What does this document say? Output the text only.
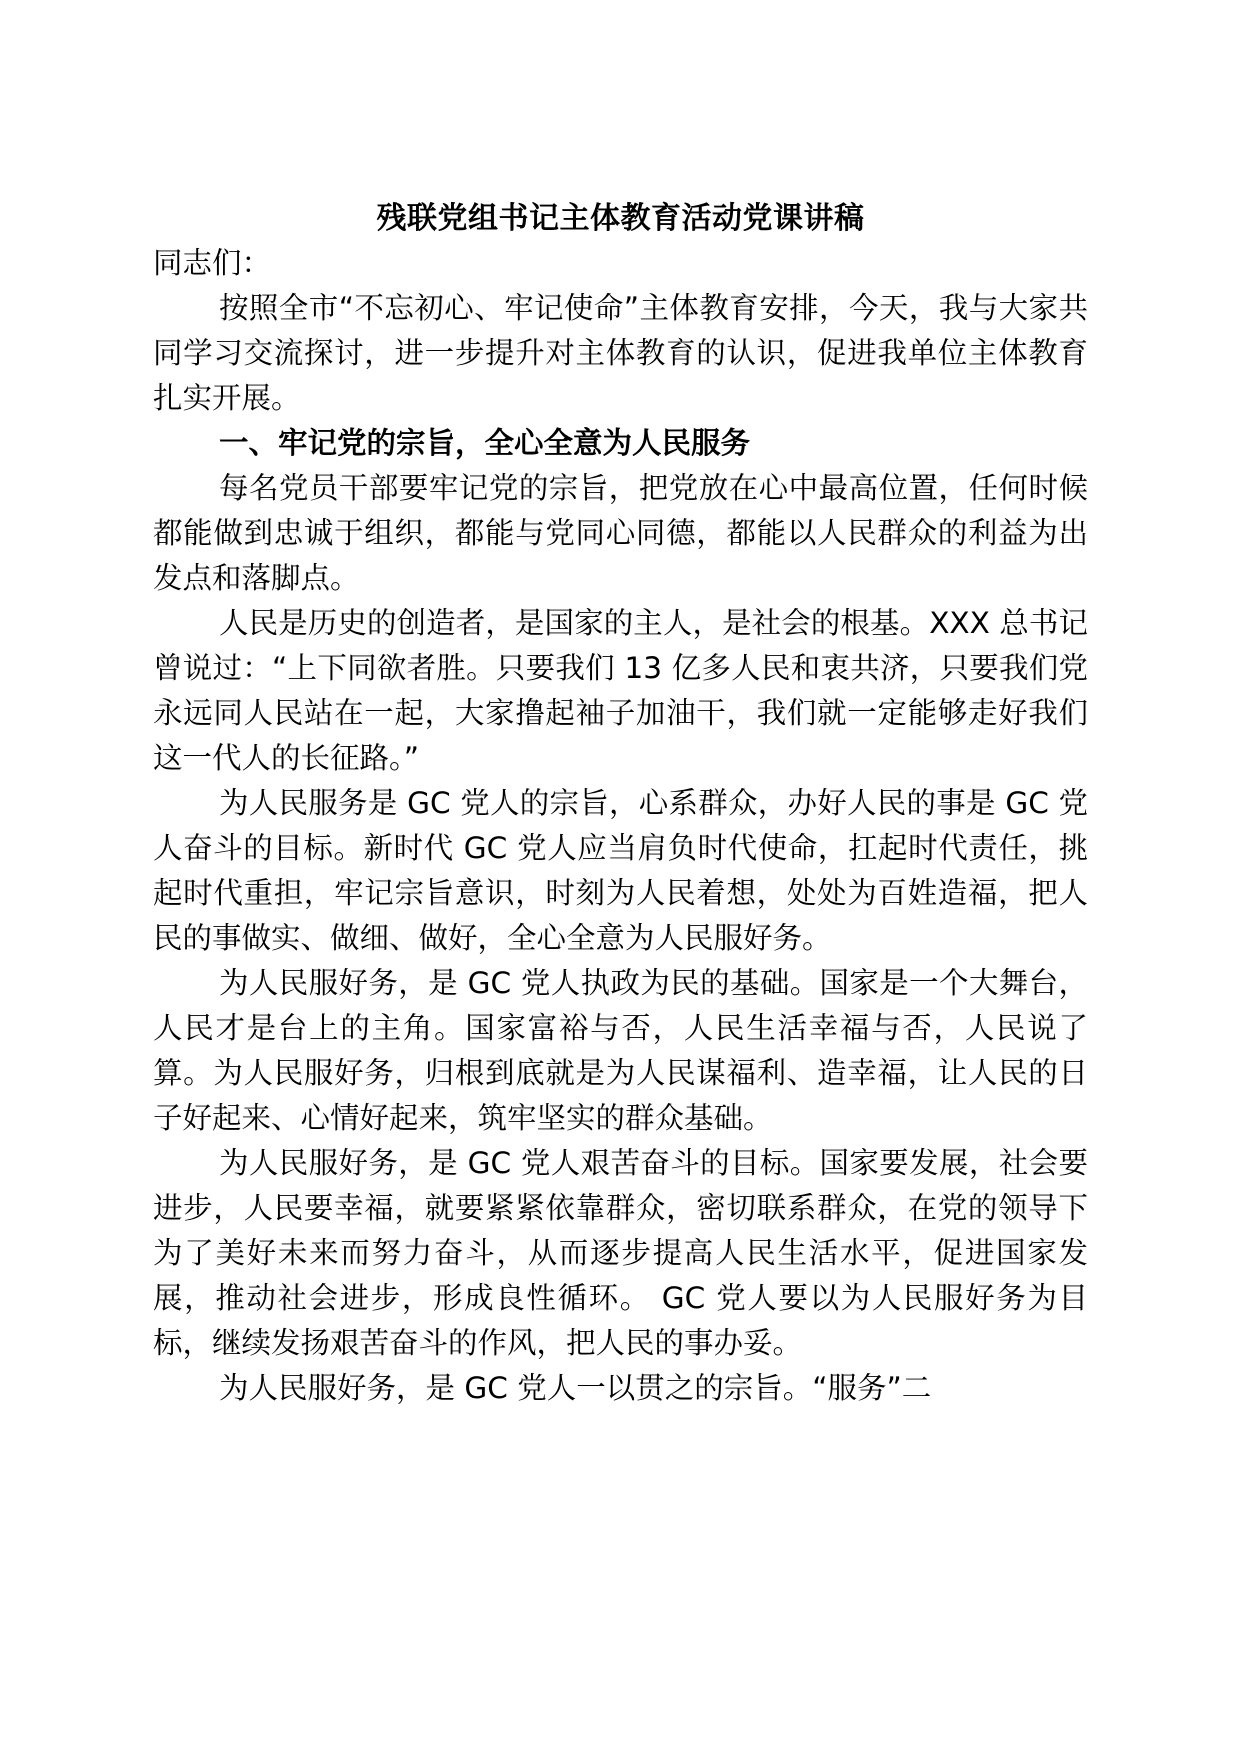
残联党组书记主体教育活动党课讲稿

同志们：

按照全市“不忘初心、牢记使命”主体教育安排，今天，我与大家共同学习交流探讨，进一步提升对主体教育的认识，促进我单位主体教育扎实开展。

一、牢记党的宗旨，全心全意为人民服务

每名党员干部要牢记党的宗旨，把党放在心中最高位置，任何时候都能做到忠诚于组织，都能与党同心同德，都能以人民群众的利益为出发点和落脚点。

人民是历史的创造者，是国家的主人，是社会的根基。XXX 总书记曾说过：“上下同欲者胜。只要我们 13 亿多人民和衷共济，只要我们党永远同人民站在一起，大家撸起袖子加油干，我们就一定能够走好我们这一代人的长征路。”

为人民服务是 GC 党人的宗旨，心系群众，办好人民的事是 GC 党人奋斗的目标。新时代 GC 党人应当肩负时代使命，扛起时代责任，挑起时代重担，牢记宗旨意识，时刻为人民着想，处处为百姓造福，把人民的事做实、做细、做好，全心全意为人民服好务。

为人民服好务，是 GC 党人执政为民的基础。国家是一个大舞台，人民才是台上的主角。国家富裕与否，人民生活幸福与否，人民说了算。为人民服好务，归根到底就是为人民谋福利、造幸福，让人民的日子好起来、心情好起来，筑牢坚实的群众基础。

为人民服好务，是 GC 党人艰苦奋斗的目标。国家要发展，社会要进步，人民要幸福，就要紧紧依靠群众，密切联系群众，在党的领导下为了美好未来而努力奋斗，从而逐步提高人民生活水平，促进国家发展，推动社会进步，形成良性循环。 GC 党人要以为人民服好务为目标，继续发扬艰苦奋斗的作风，把人民的事办妥。

为人民服好务，是 GC 党人一以贯之的宗旨。“服务”二
